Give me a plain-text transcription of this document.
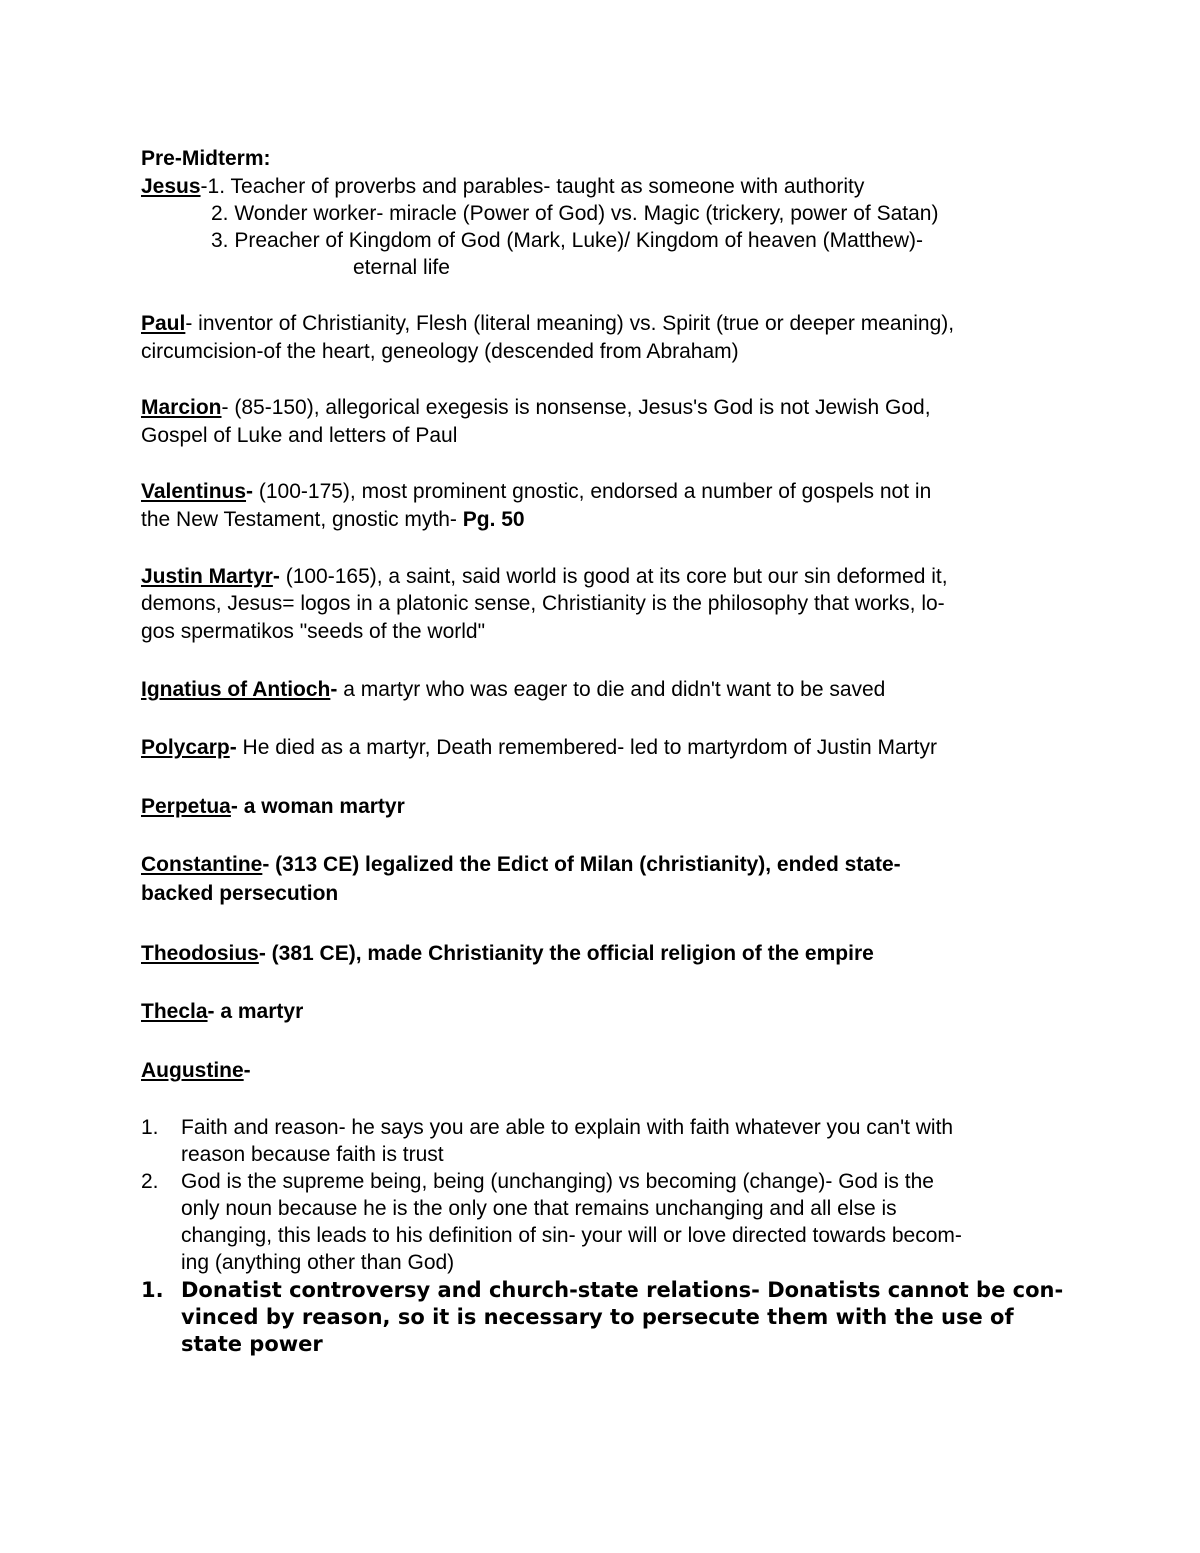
Pre-Midterm:
Jesus-1. Teacher of proverbs and parables- taught as someone with authority
2. Wonder worker- miracle (Power of God) vs. Magic (trickery, power of Satan)
3. Preacher of Kingdom of God (Mark, Luke)/ Kingdom of heaven (Matthew)-
eternal life
Paul- inventor of Christianity, Flesh (literal meaning) vs. Spirit (true or deeper meaning),
circumcision-of the heart, geneology (descended from Abraham)
Marcion- (85-150), allegorical exegesis is nonsense, Jesus's God is not Jewish God,
Gospel of Luke and letters of Paul
Valentinus- (100-175), most prominent gnostic, endorsed a number of gospels not in
the New Testament, gnostic myth- Pg. 50
Justin Martyr- (100-165), a saint, said world is good at its core but our sin deformed it,
demons, Jesus= logos in a platonic sense, Christianity is the philosophy that works, lo-
gos spermatikos "seeds of the world"
Ignatius of Antioch- a martyr who was eager to die and didn't want to be saved
Polycarp- He died as a martyr, Death remembered- led to martyrdom of Justin Martyr
Perpetua- a woman martyr
Constantine- (313 CE) legalized the Edict of Milan (christianity), ended state-
backed persecution
Theodosius- (381 CE), made Christianity the official religion of the empire
Thecla- a martyr
Augustine-
1. Faith and reason- he says you are able to explain with faith whatever you can't with
reason because faith is trust
2. God is the supreme being, being (unchanging) vs becoming (change)- God is the
only noun because he is the only one that remains unchanging and all else is
changing, this leads to his definition of sin- your will or love directed towards becom-
ing (anything other than God)
1. Donatist controversy and church-state relations- Donatists cannot be con-
vinced by reason, so it is necessary to persecute them with the use of
state power
